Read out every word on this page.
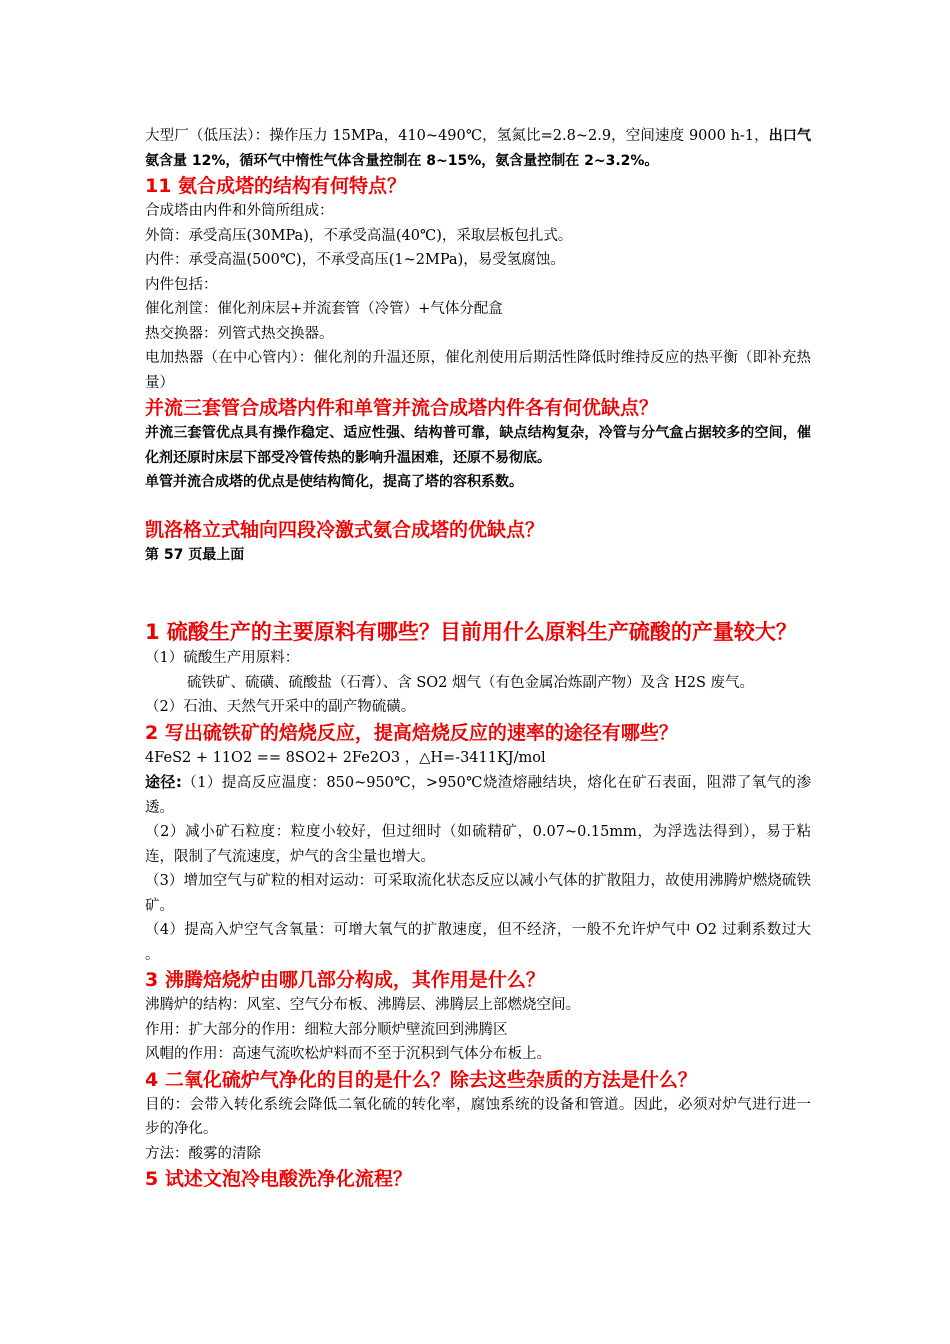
大型厂（低压法）：操作压力 15MPa，410~490℃，氢氮比=2.8~2.9，空间速度 9000 h-1，出口气氨含量 12%，循环气中惰性气体含量控制在 8~15%，氨含量控制在 2~3.2%。

11 氨合成塔的结构有何特点？

合成塔由内件和外筒所组成：

外筒：承受高压(30MPa)，不承受高温(40℃)，采取层板包扎式。

内件：承受高温(500℃)，不承受高压(1~2MPa)，易受氢腐蚀。

内件包括：

催化剂筐：催化剂床层+并流套管（冷管）+气体分配盒

热交换器：列管式热交换器。

电加热器（在中心管内）：催化剂的升温还原，催化剂使用后期活性降低时维持反应的热平衡（即补充热量）

并流三套管合成塔内件和单管并流合成塔内件各有何优缺点？

并流三套管优点具有操作稳定、适应性强、结构普可靠，缺点结构复杂，冷管与分气盒占据较多的空间，催化剂还原时床层下部受冷管传热的影响升温困难，还原不易彻底。

单管并流合成塔的优点是使结构简化，提高了塔的容积系数。

凯洛格立式轴向四段冷激式氨合成塔的优缺点？

第 57 页最上面

1 硫酸生产的主要原料有哪些？目前用什么原料生产硫酸的产量较大？

（1）硫酸生产用原料：

硫铁矿、硫磺、硫酸盐（石膏）、含 SO2 烟气（有色金属冶炼副产物）及含 H2S 废气。

（2）石油、天然气开采中的副产物硫磺。

2 写出硫铁矿的焙烧反应，提高焙烧反应的速率的途径有哪些？

4FeS2 + 11O2 == 8SO2+ 2Fe2O3 ，△H=-3411KJ/mol

途径:（1）提高反应温度：850~950℃，>950℃烧渣熔融结块，熔化在矿石表面，阻滞了氧气的渗透。

（2）减小矿石粒度：粒度小较好，但过细时（如硫精矿，0.07~0.15mm，为浮选法得到），易于粘连，限制了气流速度，炉气的含尘量也增大。

（3）增加空气与矿粒的相对运动：可采取流化状态反应以减小气体的扩散阻力，故使用沸腾炉燃烧硫铁矿。

（4）提高入炉空气含氧量：可增大氧气的扩散速度，但不经济，一般不允许炉气中 O2 过剩系数过大 。

3 沸腾焙烧炉由哪几部分构成，其作用是什么？

沸腾炉的结构：风室、空气分布板、沸腾层、沸腾层上部燃烧空间。

作用：扩大部分的作用：细粒大部分顺炉壁流回到沸腾区

风帽的作用：高速气流吹松炉料而不至于沉积到气体分布板上。

4 二氧化硫炉气净化的目的是什么？除去这些杂质的方法是什么？

目的：会带入转化系统会降低二氧化硫的转化率，腐蚀系统的设备和管道。因此，必须对炉气进行进一步的净化。

方法：酸雾的清除

5 试述文泡冷电酸洗净化流程？
